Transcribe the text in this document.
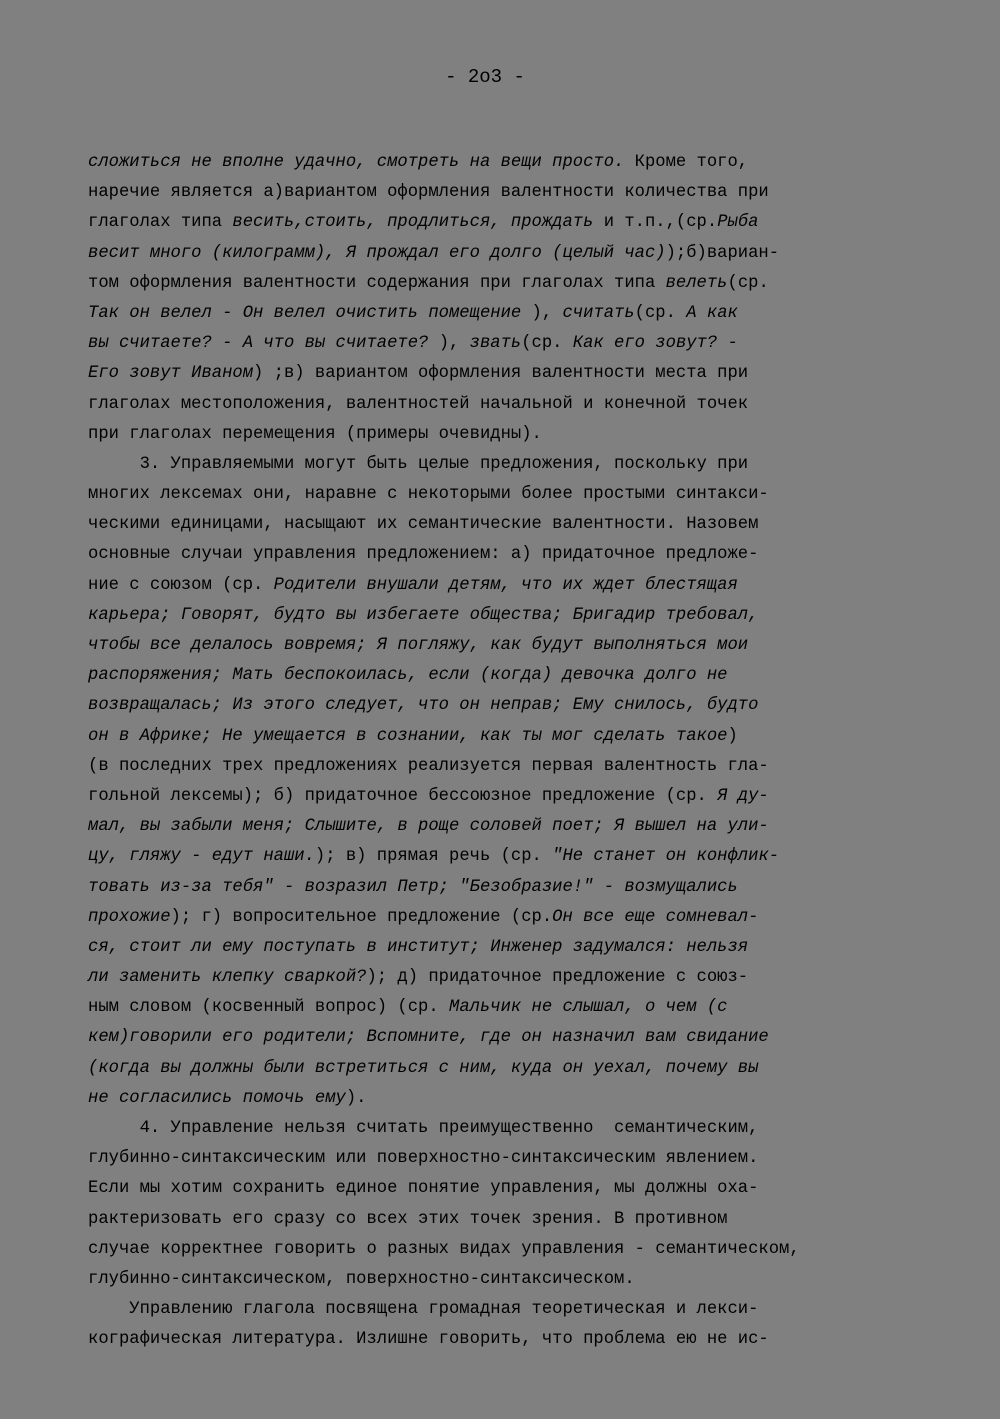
- 2o3 -
сложиться не вполне удачно, смотреть на вещи просто. Кроме того,
наречие является а)вариантом оформления валентности количества при
глаголах типа весить,стоить, продлиться, прождать и т.п.,(ср.Рыба
весит много (килограмм), Я прождал его долго (целый час));б)вариан-
том оформления валентности содержания при глаголах типа велеть(ср.
Так он велел - Он велел очистить помещение ), считать(ср. А как
вы считаете? - А что вы считаете? ), звать(ср. Как его зовут? -
Его зовут Иваном) ;в) вариантом оформления валентности места при
глаголах местоположения, валентностей начальной и конечной точек
при глаголах перемещения (примеры очевидны).
3. Управляемыми могут быть целые предложения, поскольку при
многих лексемах они, наравне с некоторыми более простыми синтакси-
ческими единицами, насыщают их семантические валентности. Назовем
основные случаи управления предложением: а) придаточное предложе-
ние с союзом (ср. Родители внушали детям, что их ждет блестящая
карьера; Говорят, будто вы избегаете общества; Бригадир требовал,
чтобы все делалось вовремя; Я погляжу, как будут выполняться мои
распоряжения; Мать беспокоилась, если (когда) девочка долго не
возвращалась; Из этого следует, что он неправ; Ему снилось, будто
он в Африке; Не умещается в сознании, как ты мог сделать такое)
(в последних трех предложениях реализуется первая валентность гла-
гольной лексемы); б) придаточное бессоюзное предложение (ср. Я ду-
мал, вы забыли меня; Слышите, в роще соловей поет; Я вышел на ули-
цу, гляжу - едут наши.); в) прямая речь (ср. "Не станет он конфлик-
товать из-за тебя" - возразил Петр; "Безобразие!" - возмущались
прохожие); г) вопросительное предложение (ср.Он все еще сомневал-
ся, стоит ли ему поступать в институт; Инженер задумался: нельзя
ли заменить клепку сваркой?); д) придаточное предложение с союз-
ным словом (косвенный вопрос) (ср. Мальчик не слышал, о чем (с
кем)говорили его родители; Вспомните, где он назначил вам свидание
(когда вы должны были встретиться с ним, куда он уехал, почему вы
не согласились помочь ему).
4. Управление нельзя считать преимущественно  семантическим,
глубинно-синтаксическим или поверхностно-синтаксическим явлением.
Если мы хотим сохранить единое понятие управления, мы должны оха-
рактеризовать его сразу со всех этих точек зрения. В противном
случае корректнее говорить о разных видах управления - семантическом,
глубинно-синтаксическом, поверхностно-синтаксическом.
Управлению глагола посвящена громадная теоретическая и лекси-
кографическая литература. Излишне говорить, что проблема ею не ис-
